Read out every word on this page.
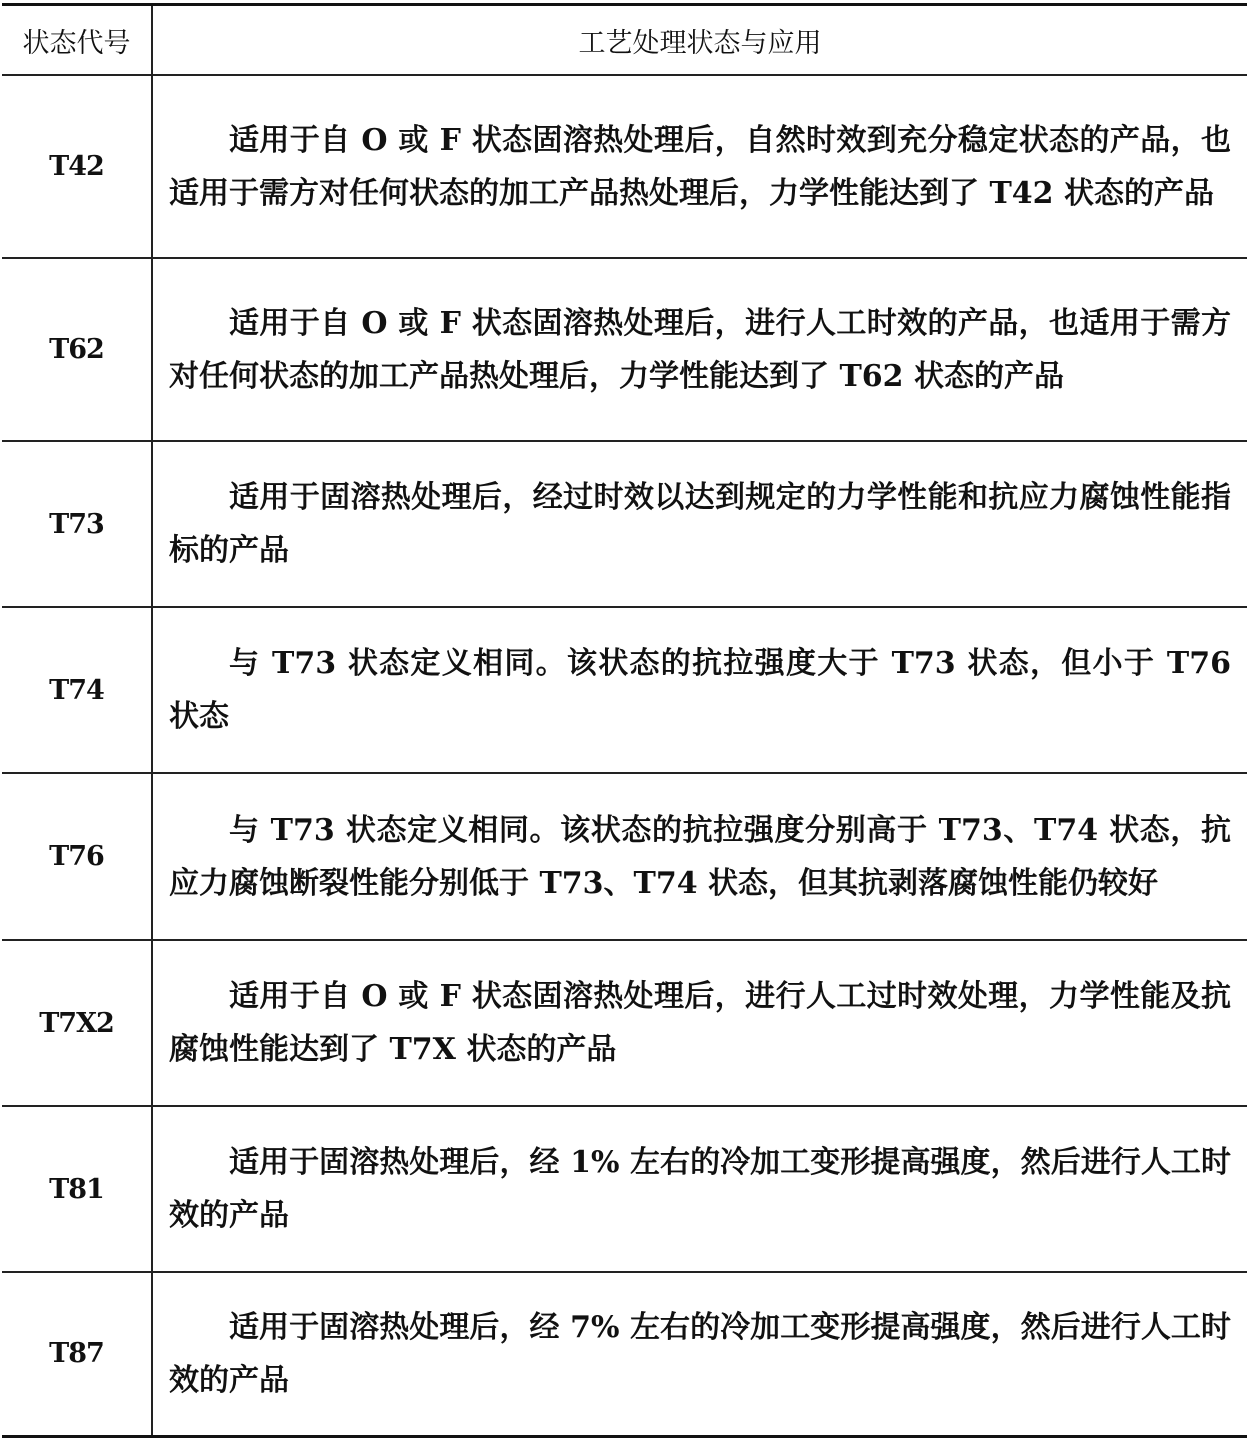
状态代号	工艺处理状态与应用
T42	适用于自 O 或 F 状态固溶热处理后，自然时效到充分稳定状态的产品，也适用于需方对任何状态的加工产品热处理后，力学性能达到了 T42 状态的产品
T62	适用于自 O 或 F 状态固溶热处理后，进行人工时效的产品，也适用于需方对任何状态的加工产品热处理后，力学性能达到了 T62 状态的产品
T73	适用于固溶热处理后，经过时效以达到规定的力学性能和抗应力腐蚀性能指标的产品
T74	与 T73 状态定义相同。该状态的抗拉强度大于 T73 状态，但小于 T76 状态
T76	与 T73 状态定义相同。该状态的抗拉强度分别高于 T73、T74 状态，抗应力腐蚀断裂性能分别低于 T73、T74 状态，但其抗剥落腐蚀性能仍较好
T7X2	适用于自 O 或 F 状态固溶热处理后，进行人工过时效处理，力学性能及抗腐蚀性能达到了 T7X 状态的产品
T81	适用于固溶热处理后，经 1% 左右的冷加工变形提高强度，然后进行人工时效的产品
T87	适用于固溶热处理后，经 7% 左右的冷加工变形提高强度，然后进行人工时效的产品
